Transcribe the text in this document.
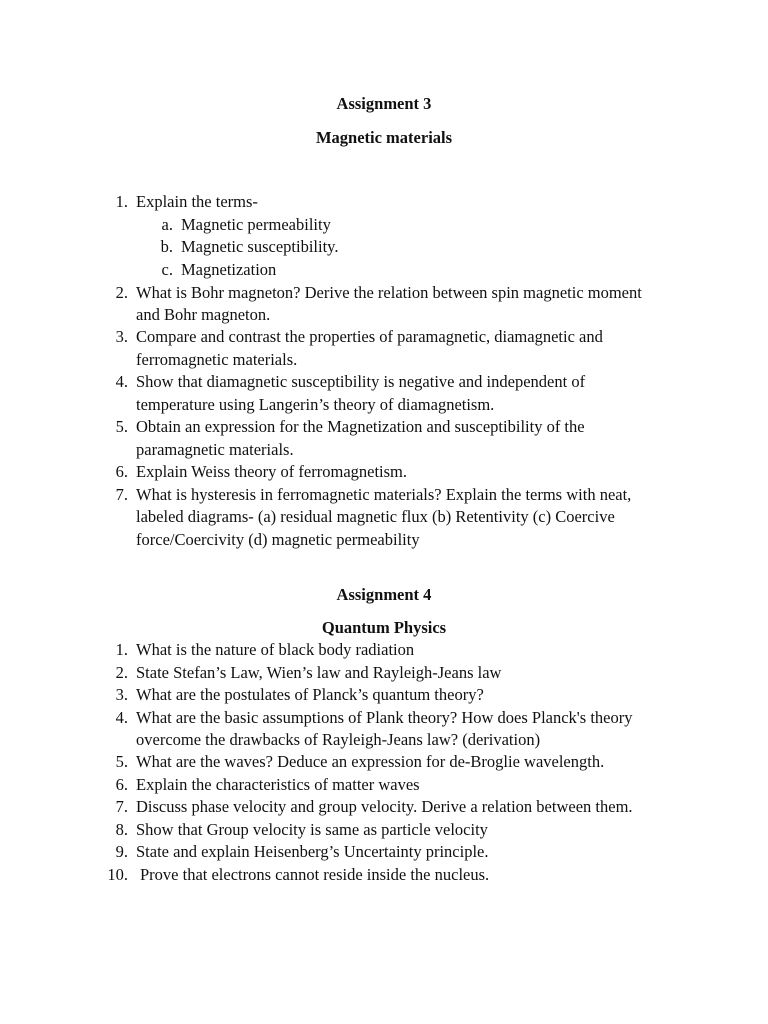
Assignment 3
Magnetic materials
1. Explain the terms-
a. Magnetic permeability
b. Magnetic susceptibility.
c. Magnetization
2. What is Bohr magneton? Derive the relation between spin magnetic moment
and Bohr magneton.
3. Compare and contrast the properties of paramagnetic, diamagnetic and
ferromagnetic materials.
4. Show that diamagnetic susceptibility is negative and independent of
temperature using Langerin’s theory of diamagnetism.
5. Obtain an expression for the Magnetization and susceptibility of the
paramagnetic materials.
6. Explain Weiss theory of ferromagnetism.
7. What is hysteresis in ferromagnetic materials? Explain the terms with neat,
labeled diagrams- (a) residual magnetic flux (b) Retentivity (c) Coercive
force/Coercivity (d) magnetic permeability
Assignment 4
Quantum Physics
1. What is the nature of black body radiation
2. State Stefan’s Law, Wien’s law and Rayleigh-Jeans law
3. What are the postulates of Planck’s quantum theory?
4. What are the basic assumptions of Plank theory? How does Planck's theory
overcome the drawbacks of Rayleigh-Jeans law? (derivation)
5. What are the waves? Deduce an expression for de-Broglie wavelength.
6. Explain the characteristics of matter waves
7. Discuss phase velocity and group velocity. Derive a relation between them.
8. Show that Group velocity is same as particle velocity
9. State and explain Heisenberg’s Uncertainty principle.
10. Prove that electrons cannot reside inside the nucleus.
